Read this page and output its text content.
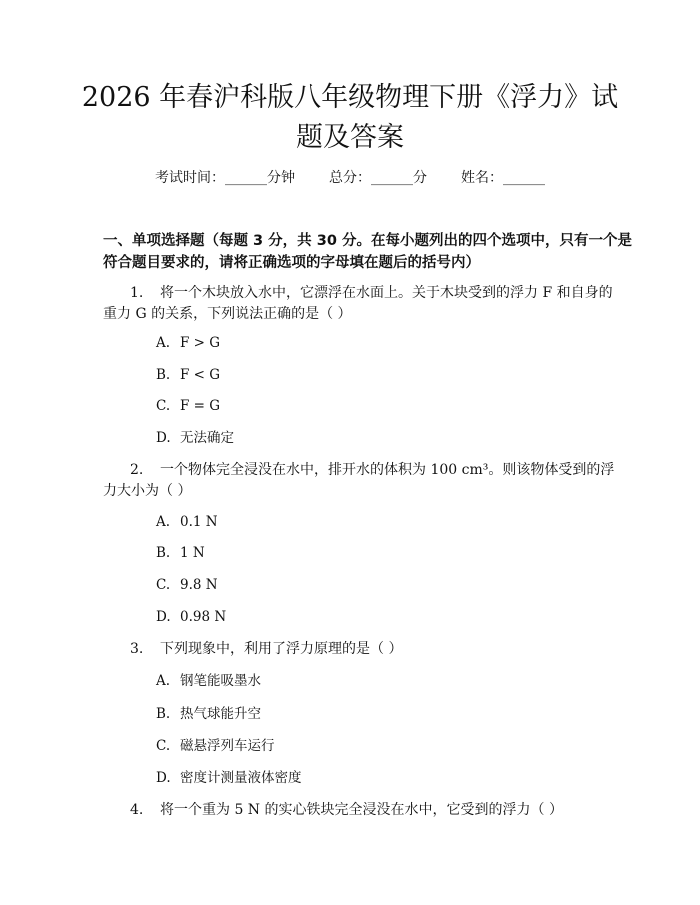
2026 年春沪科版八年级物理下册《浮力》试
题及答案
考试时间：______分钟 总分：______分 姓名：______
一、单项选择题（每题 3 分，共 30 分。在每小题列出的四个选项中，只有一个是
符合题目要求的，请将正确选项的字母填在题后的括号内）
1. 将一个木块放入水中，它漂浮在水面上。关于木块受到的浮力 F 和自身的
重力 G 的关系，下列说法正确的是（ ）
A. F > G
B. F < G
C. F = G
D. 无法确定
2. 一个物体完全浸没在水中，排开水的体积为 100 cm³。则该物体受到的浮
力大小为（ ）
A. 0.1 N
B. 1 N
C. 9.8 N
D. 0.98 N
3. 下列现象中，利用了浮力原理的是（ ）
A. 钢笔能吸墨水
B. 热气球能升空
C. 磁悬浮列车运行
D. 密度计测量液体密度
4. 将一个重为 5 N 的实心铁块完全浸没在水中，它受到的浮力（ ）
